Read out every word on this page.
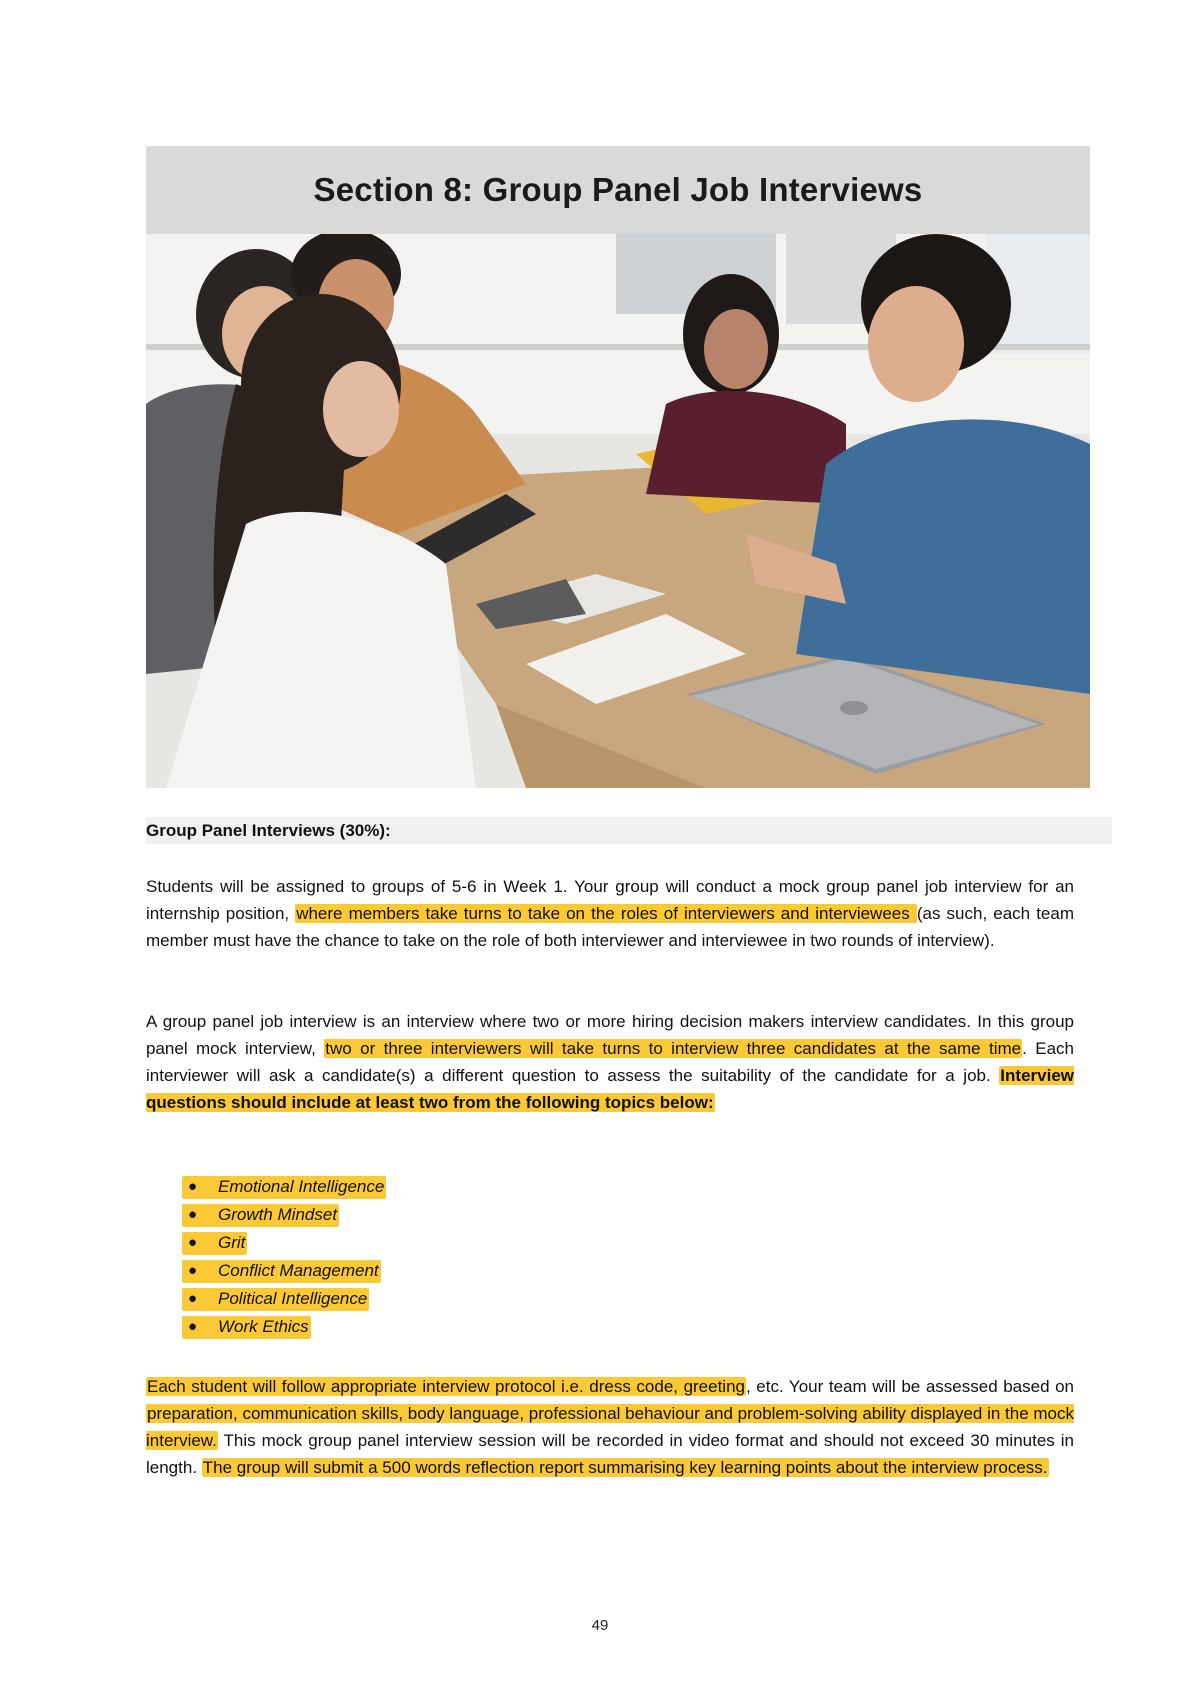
Section 8: Group Panel Job Interviews
Group Panel Interviews (30%):

Students will be assigned to groups of 5-6 in Week 1. Your group will conduct a mock group panel job interview for an internship position, where members take turns to take on the roles of interviewers and interviewees (as such, each team member must have the chance to take on the role of both interviewer and interviewee in two rounds of interview).

A group panel job interview is an interview where two or more hiring decision makers interview candidates. In this group panel mock interview, two or three interviewers will take turns to interview three candidates at the same time. Each interviewer will ask a candidate(s) a different question to assess the suitability of the candidate for a job. Interview questions should include at least two from the following topics below:

●	Emotional Intelligence
●	Growth Mindset
●	Grit
●	Conflict Management
●	Political Intelligence
●	Work Ethics

Each student will follow appropriate interview protocol i.e. dress code, greeting, etc. Your team will be assessed based on preparation, communication skills, body language, professional behaviour and problem-solving ability displayed in the mock interview. This mock group panel interview session will be recorded in video format and should not exceed 30 minutes in length. The group will submit a 500 words reflection report summarising key learning points about the interview process.

49
